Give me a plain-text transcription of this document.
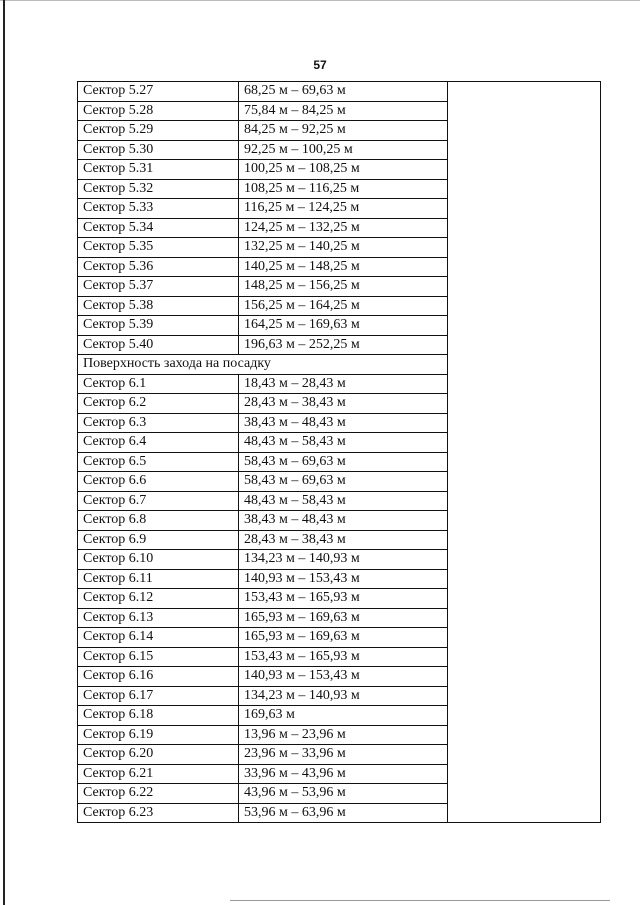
57
Сектор 5.27	68,25 м – 69,63 м	
Сектор 5.28	75,84 м – 84,25 м	
Сектор 5.29	84,25 м – 92,25 м	
Сектор 5.30	92,25 м – 100,25 м	
Сектор 5.31	100,25 м – 108,25 м	
Сектор 5.32	108,25 м – 116,25 м	
Сектор 5.33	116,25 м – 124,25 м	
Сектор 5.34	124,25 м – 132,25 м	
Сектор 5.35	132,25 м – 140,25 м	
Сектор 5.36	140,25 м – 148,25 м	
Сектор 5.37	148,25 м – 156,25 м	
Сектор 5.38	156,25 м – 164,25 м	
Сектор 5.39	164,25 м – 169,63 м	
Сектор 5.40	196,63 м – 252,25 м	
Поверхность захода на посадку		
Сектор 6.1	18,43 м – 28,43 м	
Сектор 6.2	28,43 м – 38,43 м	
Сектор 6.3	38,43 м – 48,43 м	
Сектор 6.4	48,43 м – 58,43 м	
Сектор 6.5	58,43 м – 69,63 м	
Сектор 6.6	58,43 м – 69,63 м	
Сектор 6.7	48,43 м – 58,43 м	
Сектор 6.8	38,43 м – 48,43 м	
Сектор 6.9	28,43 м – 38,43 м	
Сектор 6.10	134,23 м – 140,93 м	
Сектор 6.11	140,93 м – 153,43 м	
Сектор 6.12	153,43 м – 165,93 м	
Сектор 6.13	165,93 м – 169,63 м	
Сектор 6.14	165,93 м – 169,63 м	
Сектор 6.15	153,43 м – 165,93 м	
Сектор 6.16	140,93 м – 153,43 м	
Сектор 6.17	134,23 м – 140,93 м	
Сектор 6.18	169,63 м	
Сектор 6.19	13,96 м – 23,96 м	
Сектор 6.20	23,96 м – 33,96 м	
Сектор 6.21	33,96 м – 43,96 м	
Сектор 6.22	43,96 м – 53,96 м	
Сектор 6.23	53,96 м – 63,96 м	
